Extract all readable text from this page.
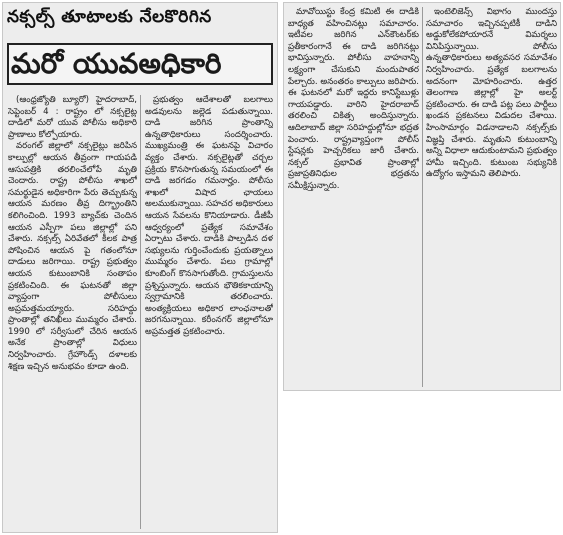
నక్సల్స్ తూటాలకు నేలకొరిగిన
మరో యువఅధికారి

(ఆంధ్రజ్యోతి బ్యూరో) హైదరాబాద్, సెప్టెంబర్ 4 : రాష్ట్రం లో నక్సలైట్ల దాడిలో మరో యువ పోలీసు అధికారి ప్రాణాలు కోల్పోయారు.

వరంగల్ జిల్లాలో నక్సలైట్లు జరిపిన కాల్పుల్లో ఆయన తీవ్రంగా గాయపడి ఆసుపత్రికి తరలించేలోపే మృతి చెందారు. రాష్ట్ర పోలీసు శాఖలో సమర్థుడైన అధికారిగా పేరు తెచ్చుకున్న ఆయన మరణం తీవ్ర దిగ్భ్రాంతిని కలిగించింది. 1993 బ్యాచ్‌కు చెందిన ఆయన ఎస్పీగా పలు జిల్లాల్లో పని చేశారు. నక్సల్స్ ఏరివేతలో కీలక పాత్ర పోషించిన ఆయన పై గతంలోనూ దాడులు జరిగాయి. రాష్ట్ర ప్రభుత్వం ఆయన కుటుంబానికి సంతాపం ప్రకటించింది. ఈ ఘటనతో జిల్లా వ్యాప్తంగా పోలీసులు అప్రమత్తమయ్యారు. సరిహద్దు ప్రాంతాల్లో తనిఖీలు ముమ్మరం చేశారు. 1990 లో సర్వీసులో చేరిన ఆయన అనేక ప్రాంతాల్లో విధులు నిర్వహించారు. గ్రేహౌండ్స్ దళాలకు శిక్షణ ఇచ్చిన అనుభవం కూడా ఉంది.

ప్రభుత్వం ఆదేశాలతో బలగాలు అడవులను జల్లెడ పడుతున్నాయి. దాడి జరిగిన ప్రాంతాన్ని ఉన్నతాధికారులు సందర్శించారు. ముఖ్యమంత్రి ఈ ఘటనపై విచారం వ్యక్తం చేశారు. నక్సలైట్లతో చర్చల ప్రక్రియ కొనసాగుతున్న సమయంలో ఈ దాడి జరగడం గమనార్హం. పోలీసు శాఖలో విషాద ఛాయలు అలముకున్నాయి. సహచర అధికారులు ఆయన సేవలను కొనియాడారు. డీజీపీ ఆధ్వర్యంలో ప్రత్యేక సమావేశం ఏర్పాటు చేశారు. దాడికి పాల్పడిన దళ సభ్యులను గుర్తించేందుకు ప్రయత్నాలు ముమ్మరం చేశారు. పలు గ్రామాల్లో కూంబింగ్ కొనసాగుతోంది. గ్రామస్తులను ప్రశ్నిస్తున్నారు. ఆయన భౌతికకాయాన్ని స్వగ్రామానికి తరలించారు. అంత్యక్రియలు అధికార లాంఛనాలతో జరగనున్నాయి. కరీంనగర్ జిల్లాలోనూ అప్రమత్తత ప్రకటించారు.

మావోయిస్టు కేంద్ర కమిటీ ఈ దాడికి బాధ్యత వహించినట్లు సమాచారం. ఇటీవల జరిగిన ఎన్‌కౌంటర్‌కు ప్రతీకారంగానే ఈ దాడి జరిగినట్లు భావిస్తున్నారు. పోలీసు వాహనాన్ని లక్ష్యంగా చేసుకుని మందుపాతర పేల్చారు. అనంతరం కాల్పులు జరిపారు. ఈ ఘటనలో మరో ఇద్దరు కానిస్టేబుళ్లు గాయపడ్డారు. వారిని హైదరాబాద్ తరలించి చికిత్స అందిస్తున్నారు. ఆదిలాబాద్ జిల్లా సరిహద్దుల్లోనూ భద్రత పెంచారు. రాష్ట్రవ్యాప్తంగా పోలీస్ స్టేషన్లకు హెచ్చరికలు జారీ చేశారు. నక్సల్ ప్రభావిత ప్రాంతాల్లో ప్రజాప్రతినిధుల భద్రతను సమీక్షిస్తున్నారు.

ఇంటెలిజెన్స్ విభాగం ముందస్తు సమాచారం ఇచ్చినప్పటికీ దాడిని అడ్డుకోలేకపోయారనే విమర్శలు వినిపిస్తున్నాయి. పోలీసు ఉన్నతాధికారులు అత్యవసర సమావేశం నిర్వహించారు. ప్రత్యేక బలగాలను అదనంగా మోహరించారు. ఉత్తర తెలంగాణ జిల్లాల్లో హై అలర్ట్ ప్రకటించారు. ఈ దాడి పట్ల పలు పార్టీలు ఖండన ప్రకటనలు విడుదల చేశాయి. హింసామార్గం విడనాడాలని నక్సల్స్‌కు విజ్ఞప్తి చేశారు. మృతుని కుటుంబాన్ని అన్ని విధాలా ఆదుకుంటామని ప్రభుత్వం హామీ ఇచ్చింది. కుటుంబ సభ్యునికి ఉద్యోగం ఇస్తామని తెలిపారు.
